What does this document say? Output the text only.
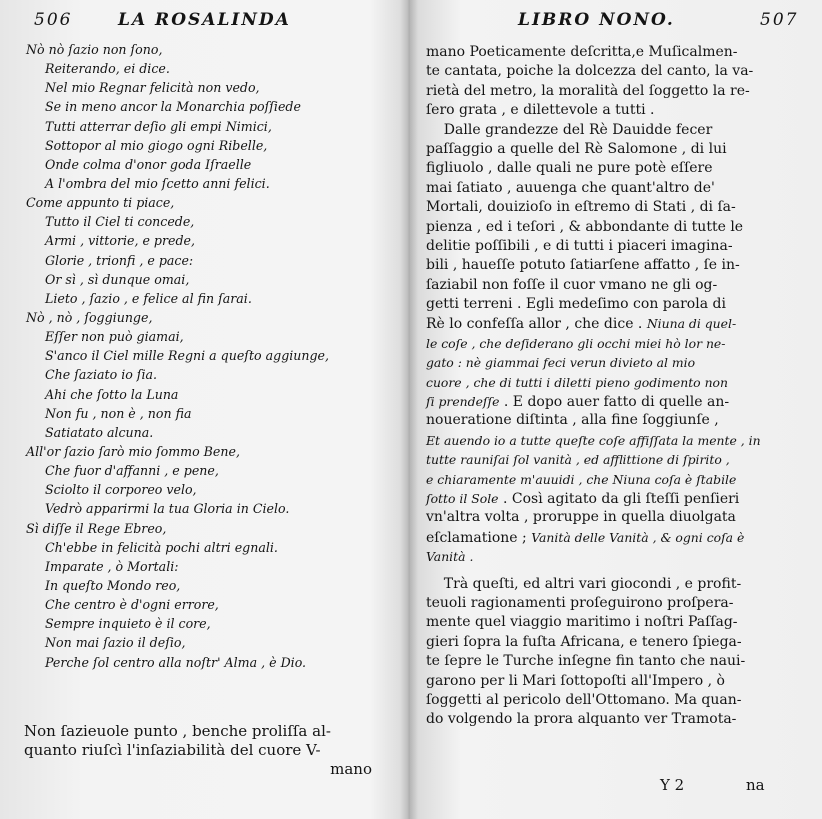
506	LA ROSALINDA
Nò nò ſazio non ſono,
Reiterando, ei dice.
Nel mio Regnar felicità non vedo,
Se in meno ancor la Monarchia poſſiede
Tutti atterrar deſio gli empi Nimici,
Sottopor al mio giogo ogni Ribelle,
Onde colma d'onor goda Iſraelle
A l'ombra del mio ſcetto anni felici.
Come appunto ti piace,
Tutto il Ciel ti concede,
Armi , vittorie, e prede,
Glorie , trionfi , e pace:
Or sì , sì dunque omai,
Lieto , ſazio , e felice al fin ſarai.
Nò , nò , ſoggiunge,
Eſſer non può giamai,
S'anco il Ciel mille Regni a queſto aggiunge,
Che ſaziato io ſia.
Ahi che ſotto la Luna
Non fu , non è , non fia
Satiatato alcuna.
All'or ſazio ſarò mio ſommo Bene,
Che fuor d'affanni , e pene,
Sciolto il corporeo velo,
Vedrò apparirmi la tua Gloria in Cielo.
Sì diſſe il Rege Ebreo,
Ch'ebbe in felicità pochi altri egnali.
Imparate , ò Mortali:
In queſto Mondo reo,
Che centro è d'ogni errore,
Sempre inquieto è il core,
Non mai ſazio il deſio,
Perche ſol centro alla noſtr' Alma , è Dio.
Non ſazieuole punto , benche proliſſa al-
quanto riuſcì l'inſaziabilità del cuore V-
mano
LIBRO NONO.	507
mano Poeticamente deſcritta,e Muſicalmen-
te cantata, poiche la dolcezza del canto, la va-
rietà del metro, la moralità del ſoggetto la re-
ſero grata , e dilettevole a tutti .
Dalle grandezze del Rè Dauidde fecer
paſſaggio a quelle del Rè Salomone , di lui
figliuolo , dalle quali ne pure potè eſſere
mai ſatiato , auuenga che quant'altro de'
Mortali, douizioſo in eſtremo di Stati , di ſa-
pienza , ed i teſori , & abbondante di tutte le
delitie poſſibili , e di tutti i piaceri imagina-
bili , haueſſe potuto ſatiarſene affatto , ſe in-
ſaziabil non foſſe il cuor vmano ne gli og-
getti terreni . Egli medeſimo con parola di
Rè lo confeſſa allor , che dice . Niuna di quel-
le coſe , che deſiderano gli occhi miei hò lor ne-
gato : nè giammai feci verun divieto al mio
cuore , che di tutti i diletti pieno godimento non
ſi prendeſſe . E dopo auer fatto di quelle an-
noueratione diſtinta , alla fine ſoggiunſe ,
Et auendo io a tutte queſte coſe affiſſata la mente , in
tutte rauniſai ſol vanità , ed afflittione di ſpirito ,
e chiaramente m'auuidi , che Niuna coſa è ſtabile
ſotto il Sole . Così agitato da gli ſteſſi penſieri
vn'altra volta , proruppe in quella diuolgata
eſclamatione ; Vanità delle Vanità , & ogni coſa è
Vanità .
Trà queſti, ed altri vari giocondi , e profit-
teuoli ragionamenti proſeguirono proſpera-
mente quel viaggio maritimo i noſtri Paſſag-
gieri ſopra la fuſta Africana, e tenero ſpiega-
te ſepre le Turche inſegne fin tanto che naui-
garono per li Mari ſottopoſti all'Impero , ò
ſoggetti al pericolo dell'Ottomano. Ma quan-
do volgendo la prora alquanto ver Tramota-
Y 2	na
